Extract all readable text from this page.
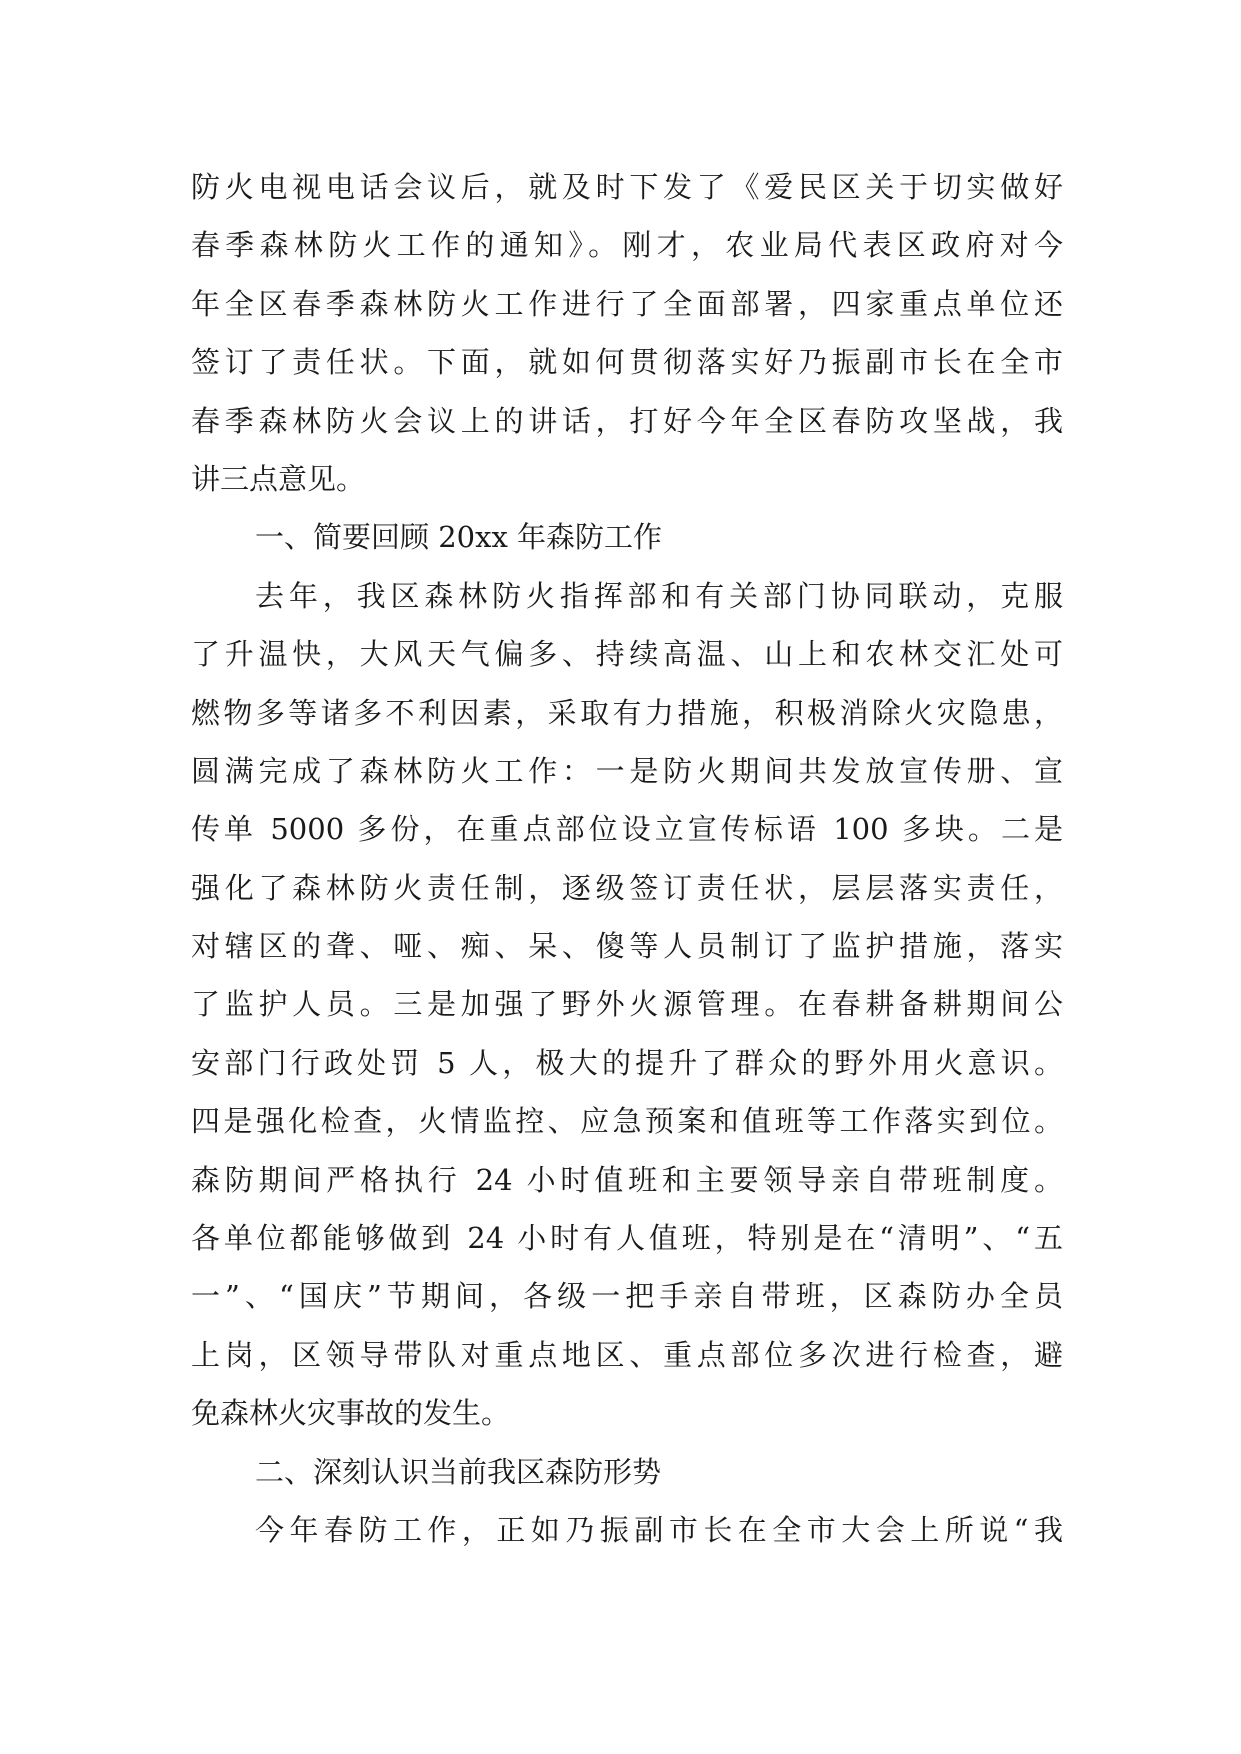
防火电视电话会议后，就及时下发了《爱民区关于切实做好
春季森林防火工作的通知》。刚才，农业局代表区政府对今
年全区春季森林防火工作进行了全面部署，四家重点单位还
签订了责任状。下面，就如何贯彻落实好乃振副市长在全市
春季森林防火会议上的讲话，打好今年全区春防攻坚战，我
讲三点意见。
一、简要回顾 20xx 年森防工作
去年，我区森林防火指挥部和有关部门协同联动，克服
了升温快，大风天气偏多、持续高温、山上和农林交汇处可
燃物多等诸多不利因素，采取有力措施，积极消除火灾隐患，
圆满完成了森林防火工作：一是防火期间共发放宣传册、宣
传单 5000 多份，在重点部位设立宣传标语 100 多块。二是
强化了森林防火责任制，逐级签订责任状，层层落实责任，
对辖区的聋、哑、痴、呆、傻等人员制订了监护措施，落实
了监护人员。三是加强了野外火源管理。在春耕备耕期间公
安部门行政处罚 5 人，极大的提升了群众的野外用火意识。
四是强化检查，火情监控、应急预案和值班等工作落实到位。
森防期间严格执行 24 小时值班和主要领导亲自带班制度。
各单位都能够做到 24 小时有人值班，特别是在“清明”、“五
一”、“国庆”节期间，各级一把手亲自带班，区森防办全员
上岗，区领导带队对重点地区、重点部位多次进行检查，避
免森林火灾事故的发生。
二、深刻认识当前我区森防形势
今年春防工作，正如乃振副市长在全市大会上所说“我
